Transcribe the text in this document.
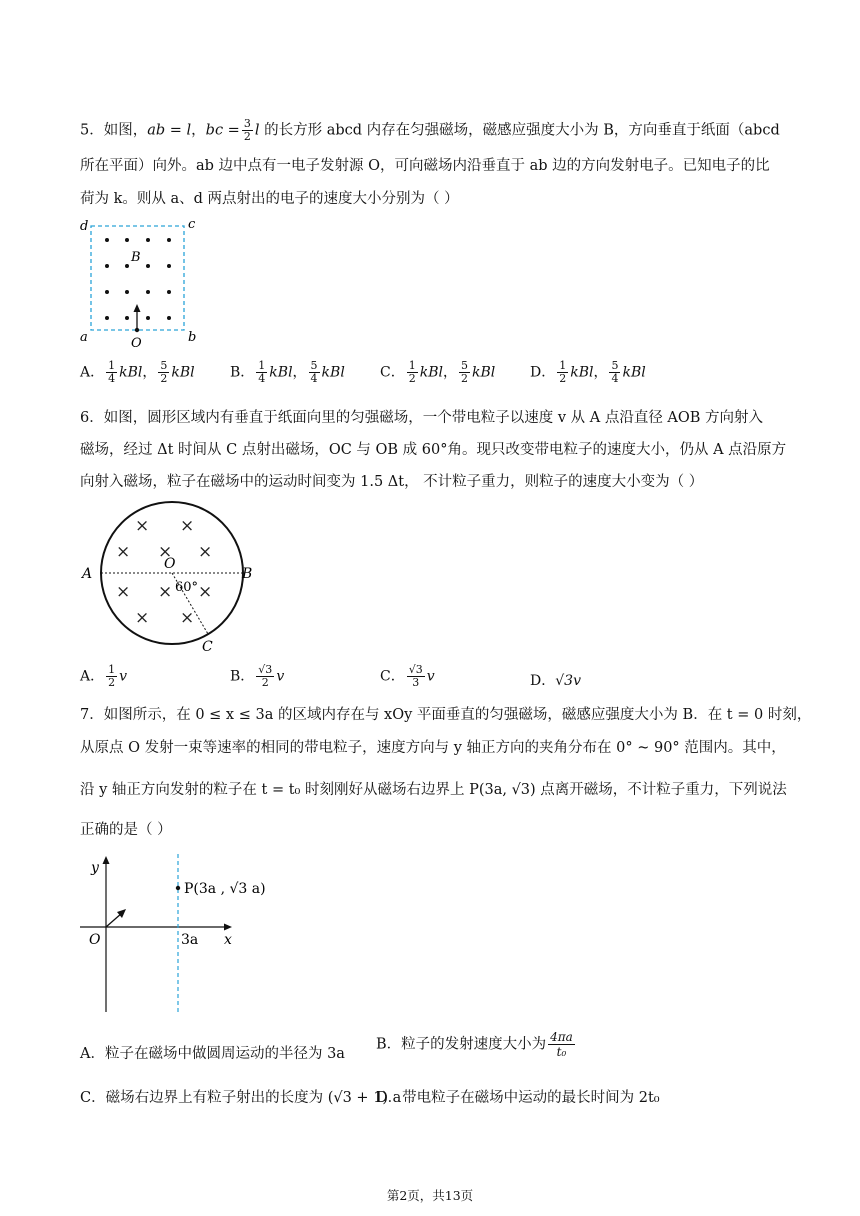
5．如图，ab = l，bc = $\frac{3}{2}$ l 的长方形 abcd 内存在匀强磁场，磁感应强度大小为 B，方向垂直于纸面（abcd
所在平面）向外。ab 边中点有一电子发射源 O，可向磁场内沿垂直于 ab 边的方向发射电子。已知电子的比
荷为 k。则从 a、d 两点射出的电子的速度大小分别为（ ）
d	c
a	b
B
O
A． $\frac{1}{4}$ kBl， $\frac{5}{2}$ kBl	B． $\frac{1}{4}$ kBl， $\frac{5}{4}$ kBl	C． $\frac{1}{2}$ kBl， $\frac{5}{2}$ kBl D． $\frac{1}{2}$ kBl， $\frac{5}{4}$ kBl
6．如图，圆形区域内有垂直于纸面向里的匀强磁场，一个带电粒子以速度 v 从 A 点沿直径 AOB 方向射入
磁场，经过 Δt 时间从 C 点射出磁场，OC 与 OB 成 60°角。现只改变带电粒子的速度大小，仍从 A 点沿原方
向射入磁场，粒子在磁场中的运动时间变为 1.5 Δt， 不计粒子重力，则粒子的速度大小变为（ ）
× ×
× × ×
× × ×
× ×
A	B
O
60°
C
A． $\frac{1}{2}$ v	B． $\frac{√3}{2}$ v	C． $\frac{√3}{3}$ v	D．√3v
7．如图所示，在 0 ≤ x ≤ 3a 的区域内存在与 xOy 平面垂直的匀强磁场，磁感应强度大小为 B．在 t = 0 时刻，
从原点 O 发射一束等速率的相同的带电粒子，速度方向与 y 轴正方向的夹角分布在 0° ~ 90° 范围内。其中，
沿 y 轴正方向发射的粒子在 t = t₀ 时刻刚好从磁场右边界上 P(3a, √3) 点离开磁场，不计粒子重力，下列说法
正确的是（ ）
y
x
O	3a
P(3a , √3 a)
A．粒子在磁场中做圆周运动的半径为 3a
B．粒子的发射速度大小为 $\frac{4\pi a}{\text{t₀}}$
C．磁场右边界上有粒子射出的长度为 (√3 + 1) a
D．带电粒子在磁场中运动的最长时间为 2t₀
第2页，共13页
